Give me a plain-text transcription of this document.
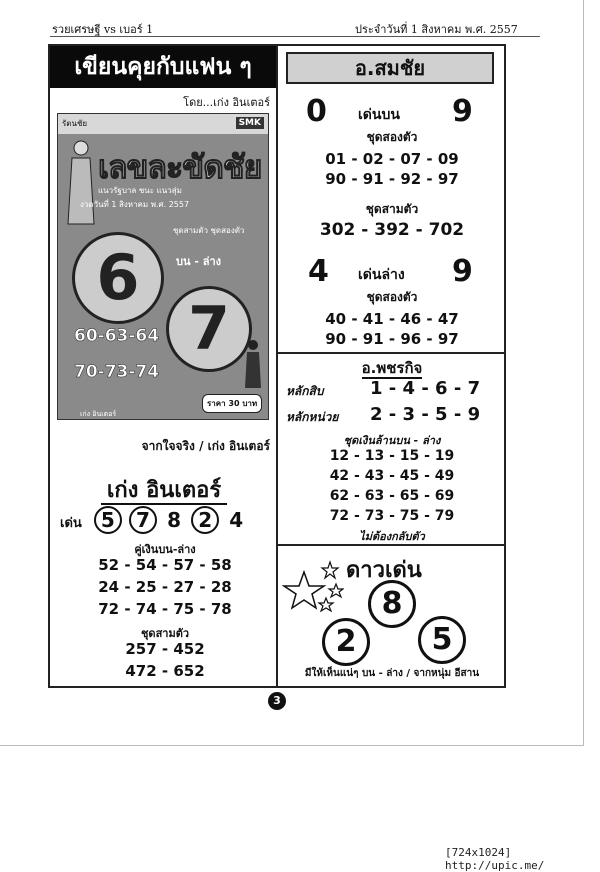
รวยเศรษฐี vs เบอร์ 1	ประจำวันที่ 1 สิงหาคม พ.ศ. 2557
เขียนคุยกับแฟน ๆ
โดย...เก่ง อินเตอร์
รัตนชัย	SMK
เลขละขัดชัย
แนวรัฐบาล ชนะ แนวสุ่ม
งวดวันที่ 1 สิงหาคม พ.ศ. 2557
ชุดสามตัว ชุดสองตัว
6	บน - ล่าง
7
60-63-64
70-73-74
ราคา 30 บาท
เก่ง อินเตอร์
จากใจจริง / เก่ง อินเตอร์
เก่ง อินเตอร์
เด่น 5 7 8 2 4
คู่เงินบน-ล่าง
52 - 54 - 57 - 58
24 - 25 - 27 - 28
72 - 74 - 75 - 78
ชุดสามตัว
257 - 452
472 - 652
อ.สมชัย
0 เด่นบน 9
ชุดสองตัว
01 - 02 - 07 - 09
90 - 91 - 92 - 97
ชุดสามตัว
302 - 392 - 702
4 เด่นล่าง 9
ชุดสองตัว
40 - 41 - 46 - 47
90 - 91 - 96 - 97
อ.พชรกิจ
หลักสิบ	1 - 4 - 6 - 7
หลักหน่วย 2 - 3 - 5 - 9
ชุดเงินล้านบน - ล่าง
12 - 13 - 15 - 19
42 - 43 - 45 - 49
62 - 63 - 65 - 69
72 - 73 - 75 - 79
ไม่ต้องกลับตัว
ดาวเด่น
8
2	5
มีให้เห็นแน่ๆ บน - ล่าง / จากหนุ่ม อีสาน
3
[724x1024] http://upic.me/
